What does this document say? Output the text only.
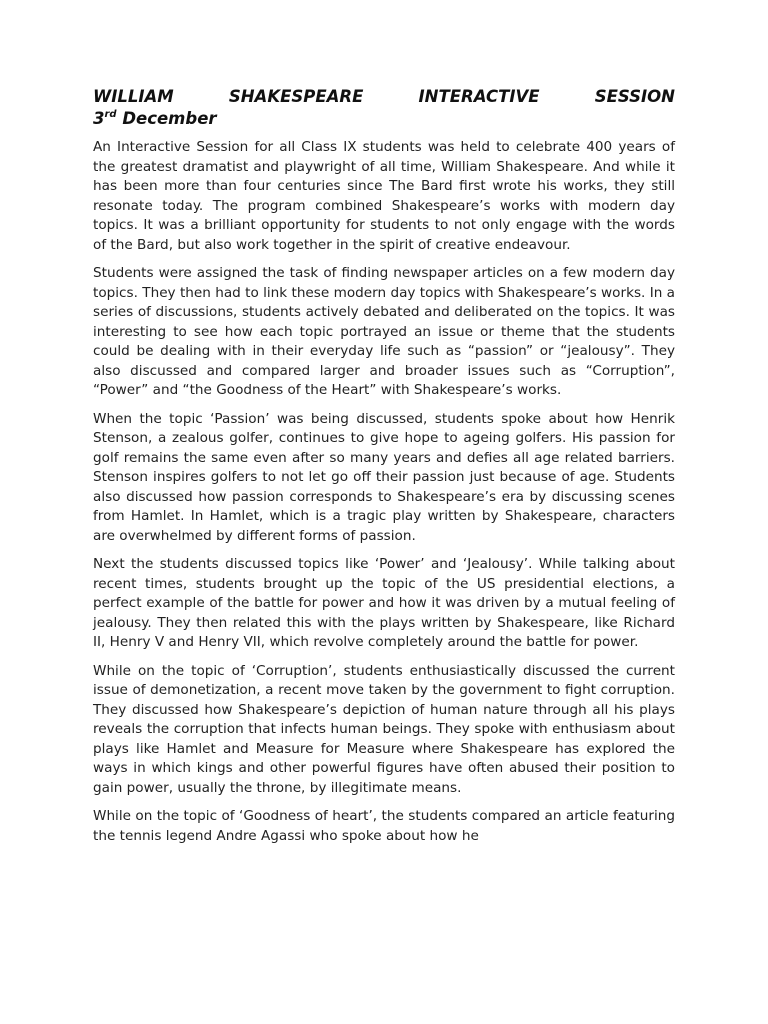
WILLIAM	SHAKESPEARE	INTERACTIVE	SESSION
3rd December

An Interactive Session for all Class IX students was held to celebrate 400 years of the greatest dramatist and playwright of all time, William Shakespeare. And while it has been more than four centuries since The Bard first wrote his works, they still resonate today. The program combined Shakespeare’s works with modern day topics. It was a brilliant opportunity for students to not only engage with the words of the Bard, but also work together in the spirit of creative endeavour.

Students were assigned the task of finding newspaper articles on a few modern day topics. They then had to link these modern day topics with Shakespeare’s works. In a series of discussions, students actively debated and deliberated on the topics. It was interesting to see how each topic portrayed an issue or theme that the students could be dealing with in their everyday life such as “passion” or “jealousy”. They also discussed and compared larger and broader issues such as “Corruption”, “Power” and “the Goodness of the Heart” with Shakespeare’s works.

When the topic ‘Passion’ was being discussed, students spoke about how Henrik Stenson, a zealous golfer, continues to give hope to ageing golfers. His passion for golf remains the same even after so many years and defies all age related barriers. Stenson inspires golfers to not let go off their passion just because of age. Students also discussed how passion corresponds to Shakespeare’s era by discussing scenes from Hamlet. In Hamlet, which is a tragic play written by Shakespeare, characters are overwhelmed by different forms of passion.

Next the students discussed topics like ‘Power’ and ‘Jealousy’. While talking about recent times, students brought up the topic of the US presidential elections, a perfect example of the battle for power and how it was driven by a mutual feeling of jealousy. They then related this with the plays written by Shakespeare, like Richard II, Henry V and Henry VII, which revolve completely around the battle for power.

While on the topic of ‘Corruption’, students enthusiastically discussed the current issue of demonetization, a recent move taken by the government to fight corruption. They discussed how Shakespeare’s depiction of human nature through all his plays reveals the corruption that infects human beings. They spoke with enthusiasm about plays like Hamlet and Measure for Measure where Shakespeare has explored the ways in which kings and other powerful figures have often abused their position to gain power, usually the throne, by illegitimate means.

While on the topic of ‘Goodness of heart’, the students compared an article featuring the tennis legend Andre Agassi who spoke about how he
